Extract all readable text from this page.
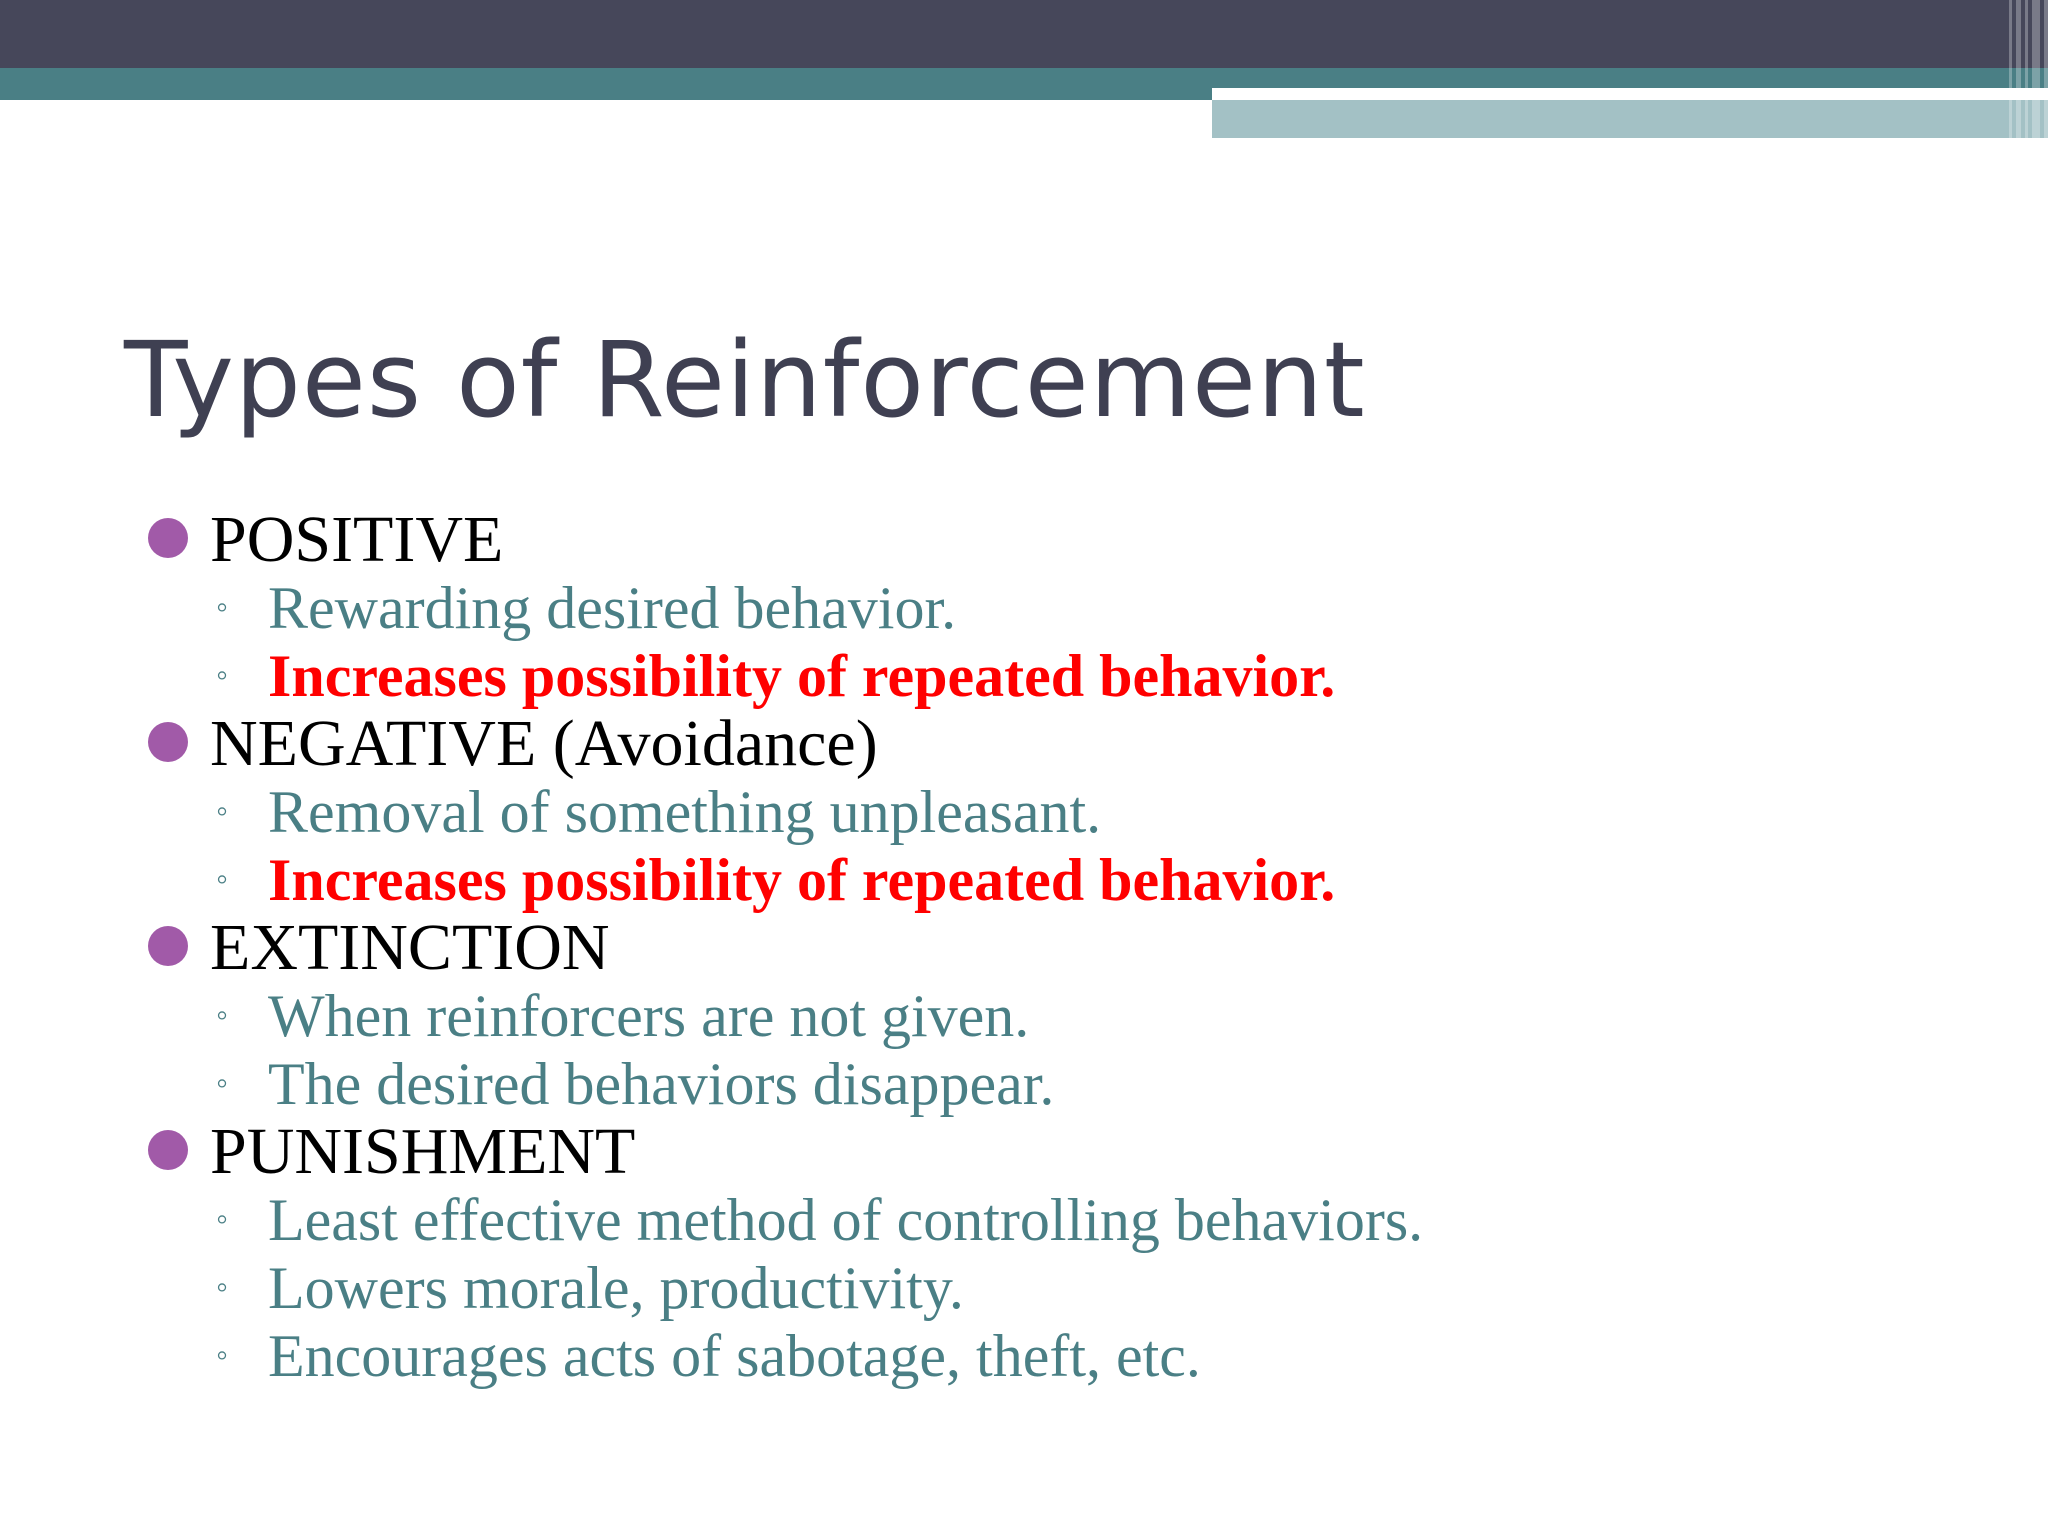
Types of Reinforcement
POSITIVE
◦ Rewarding desired behavior.
◦ Increases possibility of repeated behavior.
NEGATIVE (Avoidance)
◦ Removal of something unpleasant.
◦ Increases possibility of repeated behavior.
EXTINCTION
◦ When reinforcers are not given.
◦ The desired behaviors disappear.
PUNISHMENT
◦ Least effective method of controlling behaviors.
◦ Lowers morale, productivity.
◦ Encourages acts of sabotage, theft, etc.
